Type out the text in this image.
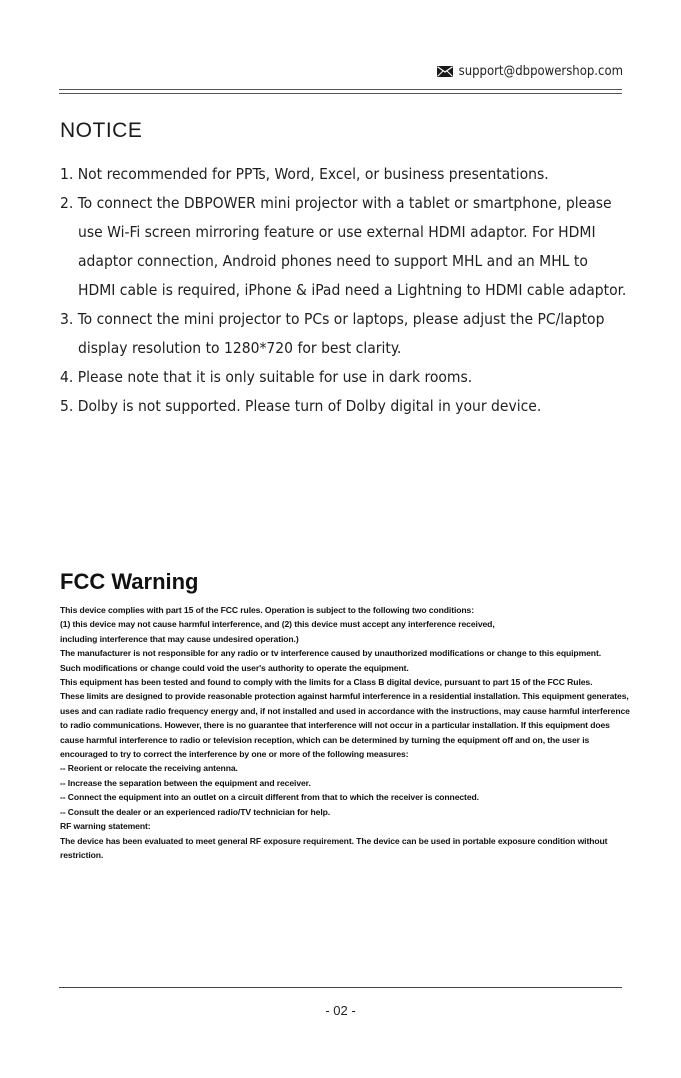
support@dbpowershop.com
NOTICE
1. Not recommended for PPTs, Word, Excel, or business presentations.
2. To connect the DBPOWER mini projector with a tablet or smartphone, please
use Wi-Fi screen mirroring feature or use external HDMI adaptor. For HDMI
adaptor connection, Android phones need to support MHL and an MHL to
HDMI cable is required, iPhone & iPad need a Lightning to HDMI cable adaptor.
3. To connect the mini projector to PCs or laptops, please adjust the PC/laptop
display resolution to 1280*720 for best clarity.
4. Please note that it is only suitable for use in dark rooms.
5. Dolby is not supported. Please turn of Dolby digital in your device.
FCC Warning
This device complies with part 15 of the FCC rules. Operation is subject to the following two conditions:
(1) this device may not cause harmful interference, and (2) this device must accept any interference received,
including interference that may cause undesired operation.)
The manufacturer is not responsible for any radio or tv interference caused by unauthorized modifications or change to this equipment.
Such modifications or change could void the user's authority to operate the equipment.
This equipment has been tested and found to comply with the limits for a Class B digital device, pursuant to part 15 of the FCC Rules.
These limits are designed to provide reasonable protection against harmful interference in a residential installation. This equipment generates,
uses and can radiate radio frequency energy and, if not installed and used in accordance with the instructions, may cause harmful interference
to radio communications. However, there is no guarantee that interference will not occur in a particular installation. If this equipment does
cause harmful interference to radio or television reception, which can be determined by turning the equipment off and on, the user is
encouraged to try to correct the interference by one or more of the following measures:
-- Reorient or relocate the receiving antenna.
-- Increase the separation between the equipment and receiver.
-- Connect the equipment into an outlet on a circuit different from that to which the receiver is connected.
-- Consult the dealer or an experienced radio/TV technician for help.
RF warning statement:
The device has been evaluated to meet general RF exposure requirement. The device can be used in portable exposure condition without
restriction.
- 02 -
